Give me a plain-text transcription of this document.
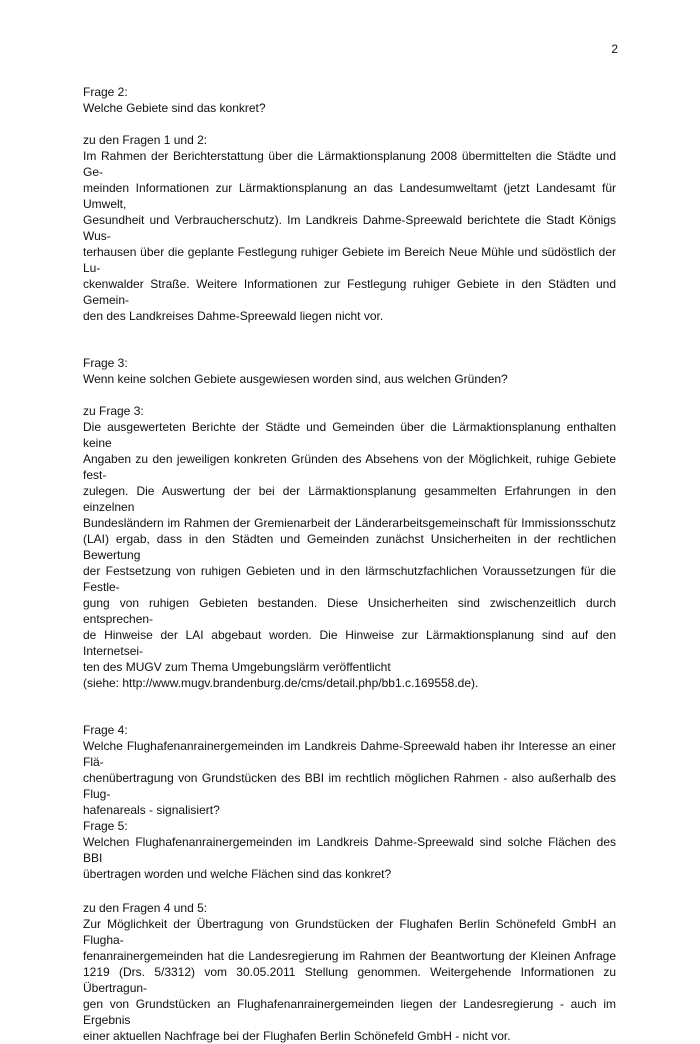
2
Frage 2:
Welche Gebiete sind das konkret?
zu den Fragen 1 und 2:
Im Rahmen der Berichterstattung über die Lärmaktionsplanung 2008 übermittelten die Städte und Ge-
meinden Informationen zur Lärmaktionsplanung an das Landesumweltamt (jetzt Landesamt für Umwelt,
Gesundheit und Verbraucherschutz). Im Landkreis Dahme-Spreewald berichtete die Stadt Königs Wus-
terhausen über die geplante Festlegung ruhiger Gebiete im Bereich Neue Mühle und südöstlich der Lu-
ckenwalder Straße. Weitere Informationen zur Festlegung ruhiger Gebiete in den Städten und Gemein-
den des Landkreises Dahme-Spreewald liegen nicht vor.
Frage 3:
Wenn keine solchen Gebiete ausgewiesen worden sind, aus welchen Gründen?
zu Frage 3:
Die ausgewerteten Berichte der Städte und Gemeinden über die Lärmaktionsplanung enthalten keine
Angaben zu den jeweiligen konkreten Gründen des Absehens von der Möglichkeit, ruhige Gebiete fest-
zulegen. Die Auswertung der bei der Lärmaktionsplanung gesammelten Erfahrungen in den einzelnen
Bundesländern im Rahmen der Gremienarbeit der Länderarbeitsgemeinschaft für Immissionsschutz
(LAI) ergab, dass in den Städten und Gemeinden zunächst Unsicherheiten in der rechtlichen Bewertung
der Festsetzung von ruhigen Gebieten und in den lärmschutzfachlichen Voraussetzungen für die Festle-
gung von ruhigen Gebieten bestanden. Diese Unsicherheiten sind zwischenzeitlich durch entsprechen-
de Hinweise der LAI abgebaut worden. Die Hinweise zur Lärmaktionsplanung sind auf den Internetsei-
ten des MUGV zum Thema Umgebungslärm veröffentlicht
(siehe: http://www.mugv.brandenburg.de/cms/detail.php/bb1.c.169558.de).
Frage 4:
Welche Flughafenanrainergemeinden im Landkreis Dahme-Spreewald haben ihr Interesse an einer Flä-
chenübertragung von Grundstücken des BBI im rechtlich möglichen Rahmen - also außerhalb des Flug-
hafenareals - signalisiert?
Frage 5:
Welchen Flughafenanrainergemeinden im Landkreis Dahme-Spreewald sind solche Flächen des BBI
übertragen worden und welche Flächen sind das konkret?
zu den Fragen 4 und 5:
Zur Möglichkeit der Übertragung von Grundstücken der Flughafen Berlin Schönefeld GmbH an Flugha-
fenanrainergemeinden hat die Landesregierung im Rahmen der Beantwortung der Kleinen Anfrage
1219 (Drs. 5/3312) vom 30.05.2011 Stellung genommen. Weitergehende Informationen zu Übertragun-
gen von Grundstücken an Flughafenanrainergemeinden liegen der Landesregierung - auch im Ergebnis
einer aktuellen Nachfrage bei der Flughafen Berlin Schönefeld GmbH - nicht vor.
